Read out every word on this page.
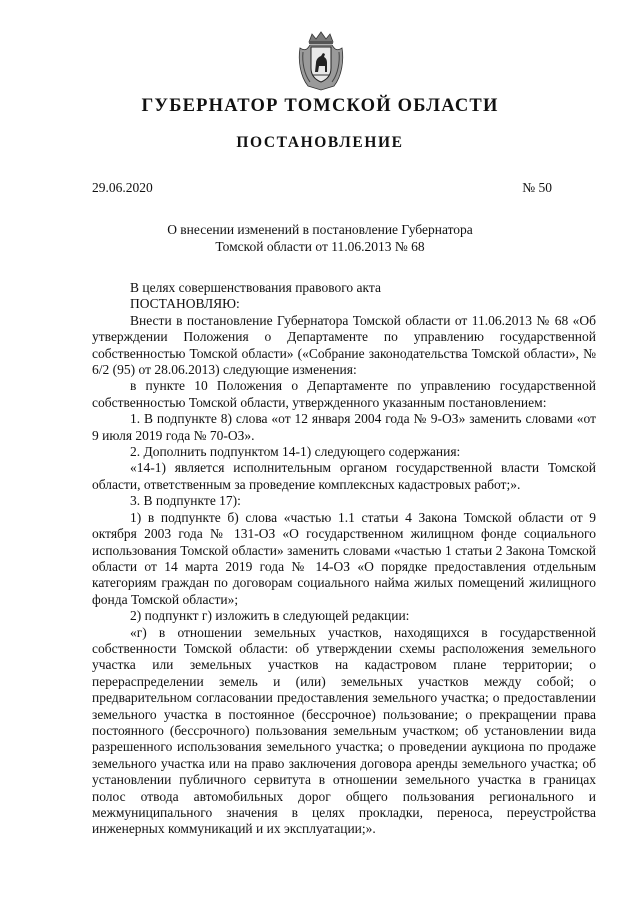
ГУБЕРНАТОР ТОМСКОЙ ОБЛАСТИ
ПОСТАНОВЛЕНИЕ
29.06.2020	№ 50
О внесении изменений в постановление Губернатора
Томской области от 11.06.2013 № 68

В целях совершенствования правового акта

ПОСТАНОВЛЯЮ:

Внести в постановление Губернатора Томской области от 11.06.2013 № 68 «Об утверждении Положения о Департаменте по управлению государственной собственностью Томской области» («Собрание законодательства Томской области», № 6/2 (95) от 28.06.2013) следующие изменения:

в пункте 10 Положения о Департаменте по управлению государственной собственностью Томской области, утвержденного указанным постановлением:

1. В подпункте 8) слова «от 12 января 2004 года № 9-ОЗ» заменить словами «от 9 июля 2019 года № 70-ОЗ».

2. Дополнить подпунктом 14-1) следующего содержания:

«14-1) является исполнительным органом государственной власти Томской области, ответственным за проведение комплексных кадастровых работ;».

3. В подпункте 17):

1) в подпункте б) слова «частью 1.1 статьи 4 Закона Томской области от 9 октября 2003 года № 131-ОЗ «О государственном жилищном фонде социального использования Томской области» заменить словами «частью 1 статьи 2 Закона Томской области от 14 марта 2019 года № 14-ОЗ «О порядке предоставления отдельным категориям граждан по договорам социального найма жилых помещений жилищного фонда Томской области»;

2) подпункт г) изложить в следующей редакции:

«г) в отношении земельных участков, находящихся в государственной собственности Томской области: об утверждении схемы расположения земельного участка или земельных участков на кадастровом плане территории; о перераспределении земель и (или) земельных участков между собой; о предварительном согласовании предоставления земельного участка; о предоставлении земельного участка в постоянное (бессрочное) пользование; о прекращении права постоянного (бессрочного) пользования земельным участком; об установлении вида разрешенного использования земельного участка; о проведении аукциона по продаже земельного участка или на право заключения договора аренды земельного участка; об установлении публичного сервитута в отношении земельного участка в границах полос отвода автомобильных дорог общего пользования регионального и межмуниципального значения в целях прокладки, переноса, переустройства инженерных коммуникаций и их эксплуатации;».
